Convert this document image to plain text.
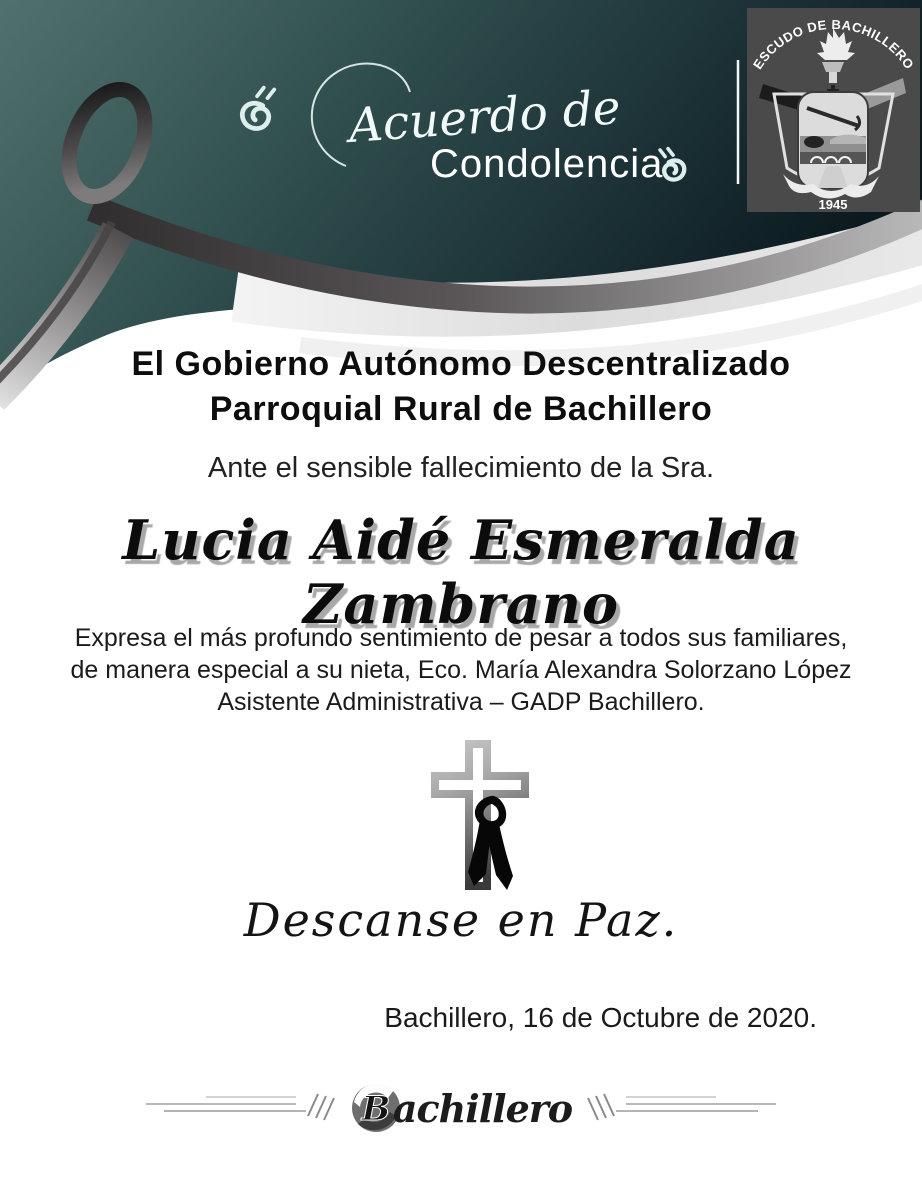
Acuerdo de
Condolencia
ESCUDO DE BACHILLERO
1945
El Gobierno Autónomo Descentralizado
Parroquial Rural de Bachillero
Ante el sensible fallecimiento de la Sra.
Lucia Aidé Esmeralda Zambrano
Expresa el más profundo sentimiento de pesar a todos sus familiares,
de manera especial a su nieta, Eco. María Alexandra Solorzano López
Asistente Administrativa – GADP Bachillero.
Descanse en Paz.
Bachillero, 16 de Octubre de 2020.
B achillero
